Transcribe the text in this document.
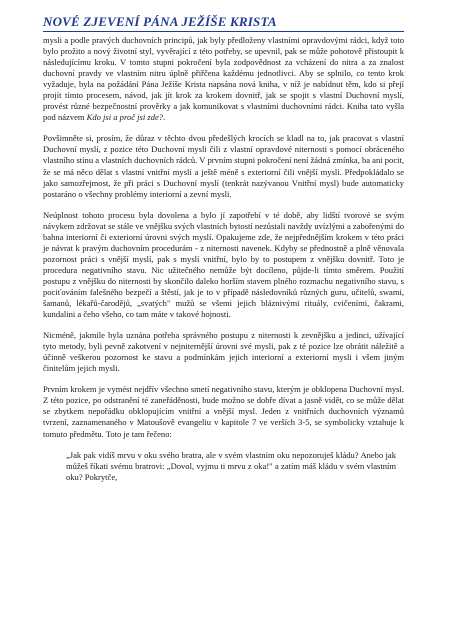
NOVÉ ZJEVENÍ PÁNA JEŽÍŠE KRISTA

mysli a podle pravých duchovních principů, jak byly předloženy vlastními opravdovými rádci, když toto bylo prožito a nový životní styl, vyvěrající z této potřeby, se upevnil, pak se může pohotově přistoupit k následujícímu kroku. V tomto stupni pokročení byla zodpovědnost za vcházení do nitra a za znalost duchovní pravdy ve vlastním nitru úplně přiřčena každému jednotlivci. Aby se splnilo, co tento krok vyžaduje, byla na požádání Pána Ježíše Krista napsána nová kniha, v níž je nabídnut těm, kdo si přejí projít tímto procesem, návod, jak jít krok za krokem dovnitř, jak se spojit s vlastní Duchovní myslí, provést různé bezpečnostní prověrky a jak komunikovat s vlastními duchovními rádci. Kniha tato vyšla pod názvem Kdo jsi a proč jsi zde?.

Povšimněte si, prosím, že důraz v těchto dvou předešlých krocích se kladl na to, jak pracovat s vlastní Duchovní myslí, z pozice této Duchovní mysli čili z vlastní opravdové niternosti s pomocí obráceného vlastního stínu a vlastních duchovních rádců. V prvním stupni pokročení není žádná zmínka, ba ani pocit, že se má něco dělat s vlastní vnitřní myslí a ještě méně s exteriorní čili vnější myslí. Předpokládalo se jako samozřejmost, že při práci s Duchovní myslí (tenkrát nazývanou Vnitřní mysl) bude automaticky postaráno o všechny problémy interiorní a zevní mysli.

Neúplnost tohoto procesu byla dovolena a bylo jí zapotřebí v té době, aby lidští tvorové se svým návykem zdržovat se stále ve vnějšku svých vlastních bytostí nezůstali navždy uvízlými a zabořenými do bahna interiorní či exteriorní úrovni svých myslí. Opakujeme zde, že nejpřednějším krokem v této práci je návrat k pravým duchovním procedurám - z niternosti navenek. Kdyby se přednostně a plně věnovala pozornost práci s vnější myslí, pak s myslí vnitřní, bylo by to postupem z vnějšku dovnitř. Toto je procedura negativního stavu. Nic užitečného nemůže být docíleno, půjde-li tímto směrem. Použití postupu z vnějšku do niternosti by skončilo daleko horším stavem plného rozmachu negativního stavu, s pociťováním falešného bezpečí a štěstí, jak je to v případě následovníků různých guru, učitelů, swami, šamanů, lékařů-čarodějů, „svatých" mužů se všemi jejich bláznivými rituály, cvičeními, čakrami, kundalini a čeho všeho, co tam máte v takové hojnosti.

Nicméně, jakmile byla uznána potřeba správného postupu z niternosti k zevnějšku a jedinci, užívající tyto metody, byli pevně zakotvení v nejniternější úrovni své mysli, pak z té pozice lze obrátit náležitě a účinně veškerou pozornost ke stavu a podmínkám jejich interiorní a exteriorní mysli i všem jiným činitelům jejich mysli.

Prvním krokem je vymést nejdřív všechno smetí negativního stavu, kterým je obklopena Duchovní mysl. Z této pozice, po odstranění té zaneřáděnosti, bude možno se dobře dívat a jasně vidět, co se může dělat se zbytkem nepořádku obklopujícím vnitřní a vnější mysl. Jeden z vnitřních duchovních významů tvrzení, zaznamenaného v Matoušově evangeliu v kapitole 7 ve verších 3-5, se symbolicky vztahuje k tomuto předmětu. Toto je tam řečeno:

„Jak pak vidíš mrvu v oku svého bratra, ale v svém vlastním oku nepozoruješ kládu? Anebo jak můžeš říkati svému bratrovi: „Dovol, vyjmu ti mrvu z oka!" a zatím máš kládu v svém vlastním oku? Pokrytče,
